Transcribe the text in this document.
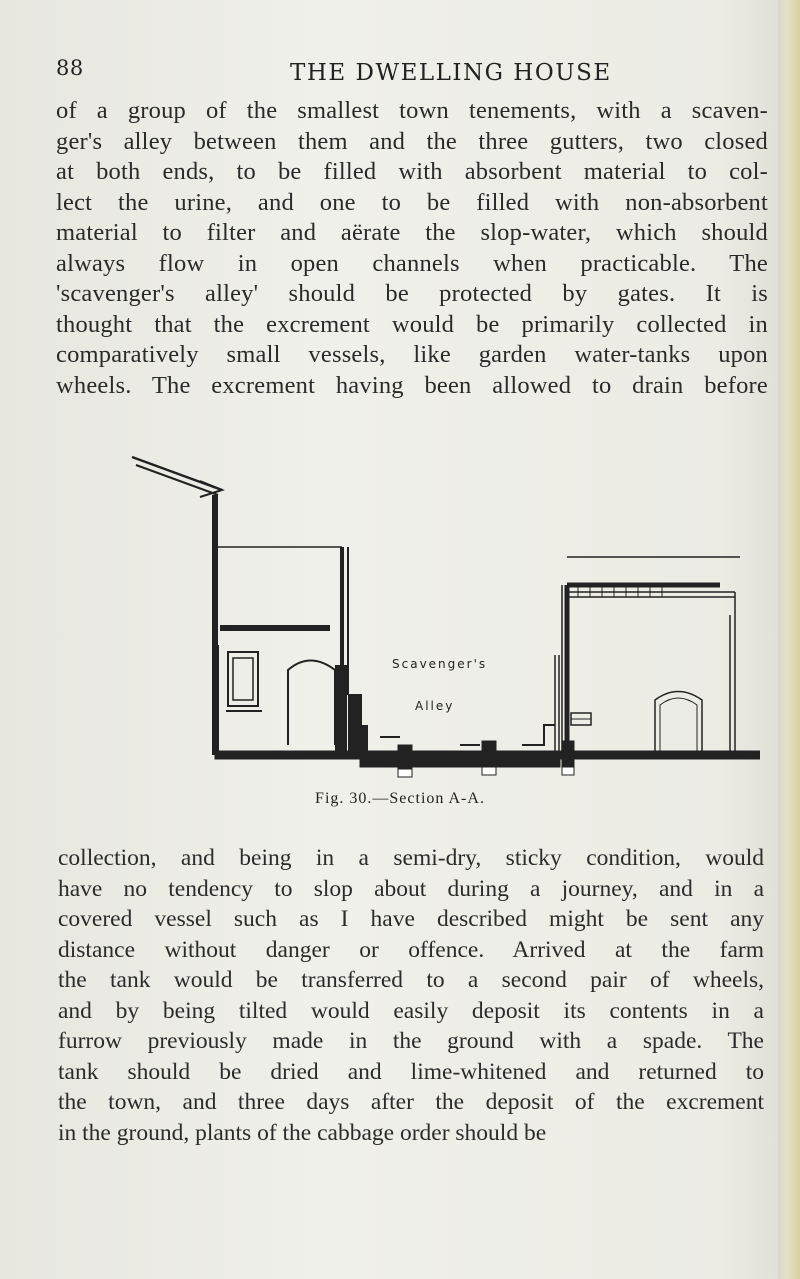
88	THE DWELLING HOUSE
of a group of the smallest town tenements, with a scaven-
ger's alley between them and the three gutters, two closed
at both ends, to be filled with absorbent material to col-
lect the urine, and one to be filled with non-absorbent
material to filter and aërate the slop-water, which should
always flow in open channels when practicable. The
'scavenger's alley' should be protected by gates. It is
thought that the excrement would be primarily collected in
comparatively small vessels, like garden water-tanks upon
wheels. The excrement having been allowed to drain before
Scavenger's
Alley
Fig. 30.—Section A-A.
collection, and being in a semi-dry, sticky condition, would
have no tendency to slop about during a journey, and in a
covered vessel such as I have described might be sent any
distance without danger or offence. Arrived at the farm
the tank would be transferred to a second pair of wheels,
and by being tilted would easily deposit its contents in a
furrow previously made in the ground with a spade. The
tank should be dried and lime-whitened and returned to
the town, and three days after the deposit of the excrement
in the ground, plants of the cabbage order should be
